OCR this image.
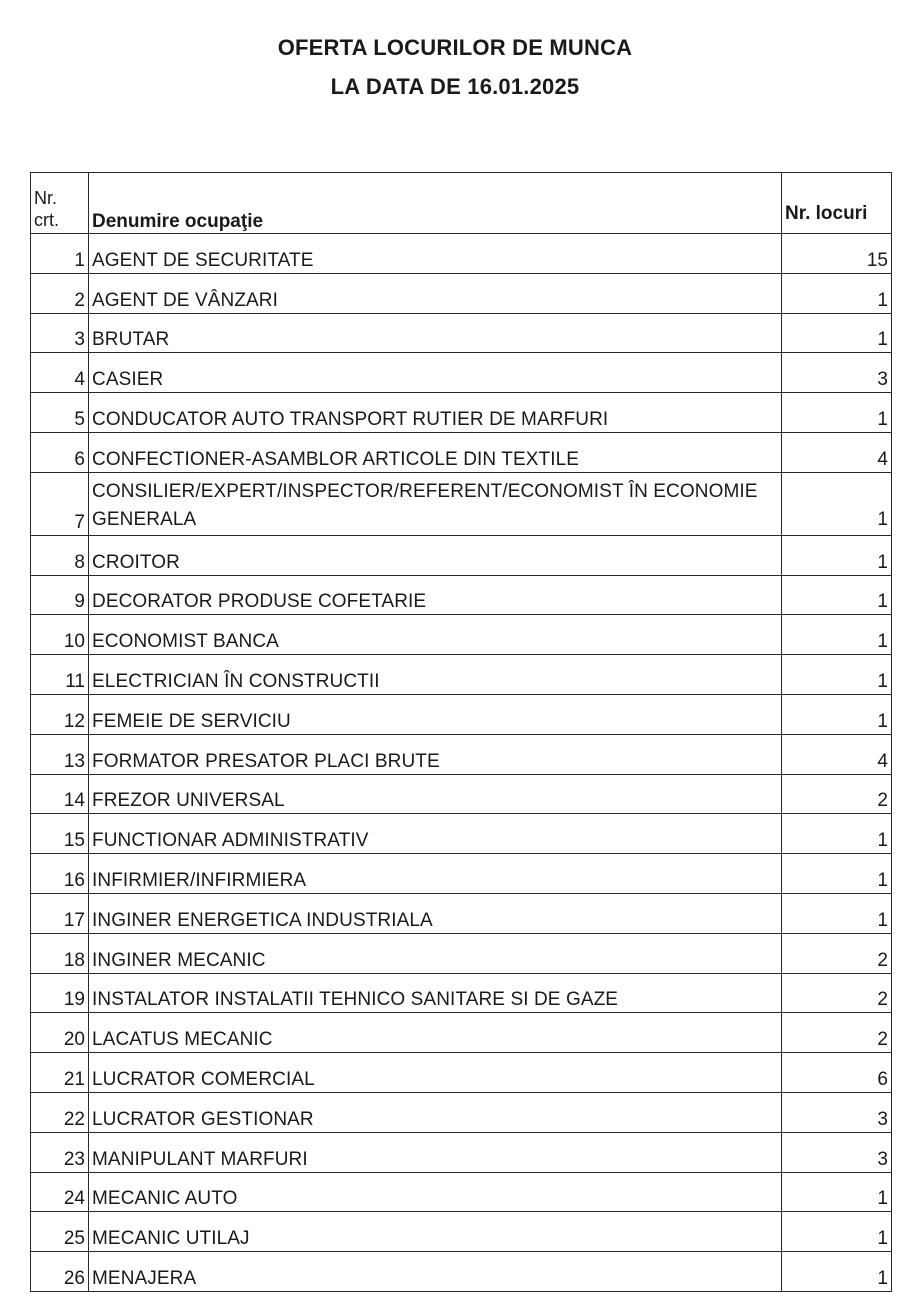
OFERTA LOCURILOR DE MUNCA
LA DATA DE 16.01.2025
Nr.
crt.	Denumire ocupaţie	Nr. locuri
1	AGENT DE SECURITATE	15
2	AGENT DE VÂNZARI	1
3	BRUTAR	1
4	CASIER	3
5	CONDUCATOR AUTO TRANSPORT RUTIER DE MARFURI	1
6	CONFECTIONER-ASAMBLOR ARTICOLE DIN TEXTILE	4
7	CONSILIER/EXPERT/INSPECTOR/REFERENT/ECONOMIST ÎN ECONOMIE
GENERALA	1
8	CROITOR	1
9	DECORATOR PRODUSE COFETARIE	1
10	ECONOMIST BANCA	1
11	ELECTRICIAN ÎN CONSTRUCTII	1
12	FEMEIE DE SERVICIU	1
13	FORMATOR PRESATOR PLACI BRUTE	4
14	FREZOR UNIVERSAL	2
15	FUNCTIONAR ADMINISTRATIV	1
16	INFIRMIER/INFIRMIERA	1
17	INGINER ENERGETICA INDUSTRIALA	1
18	INGINER MECANIC	2
19	INSTALATOR INSTALATII TEHNICO SANITARE SI DE GAZE	2
20	LACATUS MECANIC	2
21	LUCRATOR COMERCIAL	6
22	LUCRATOR GESTIONAR	3
23	MANIPULANT MARFURI	3
24	MECANIC AUTO	1
25	MECANIC UTILAJ	1
26	MENAJERA	1
